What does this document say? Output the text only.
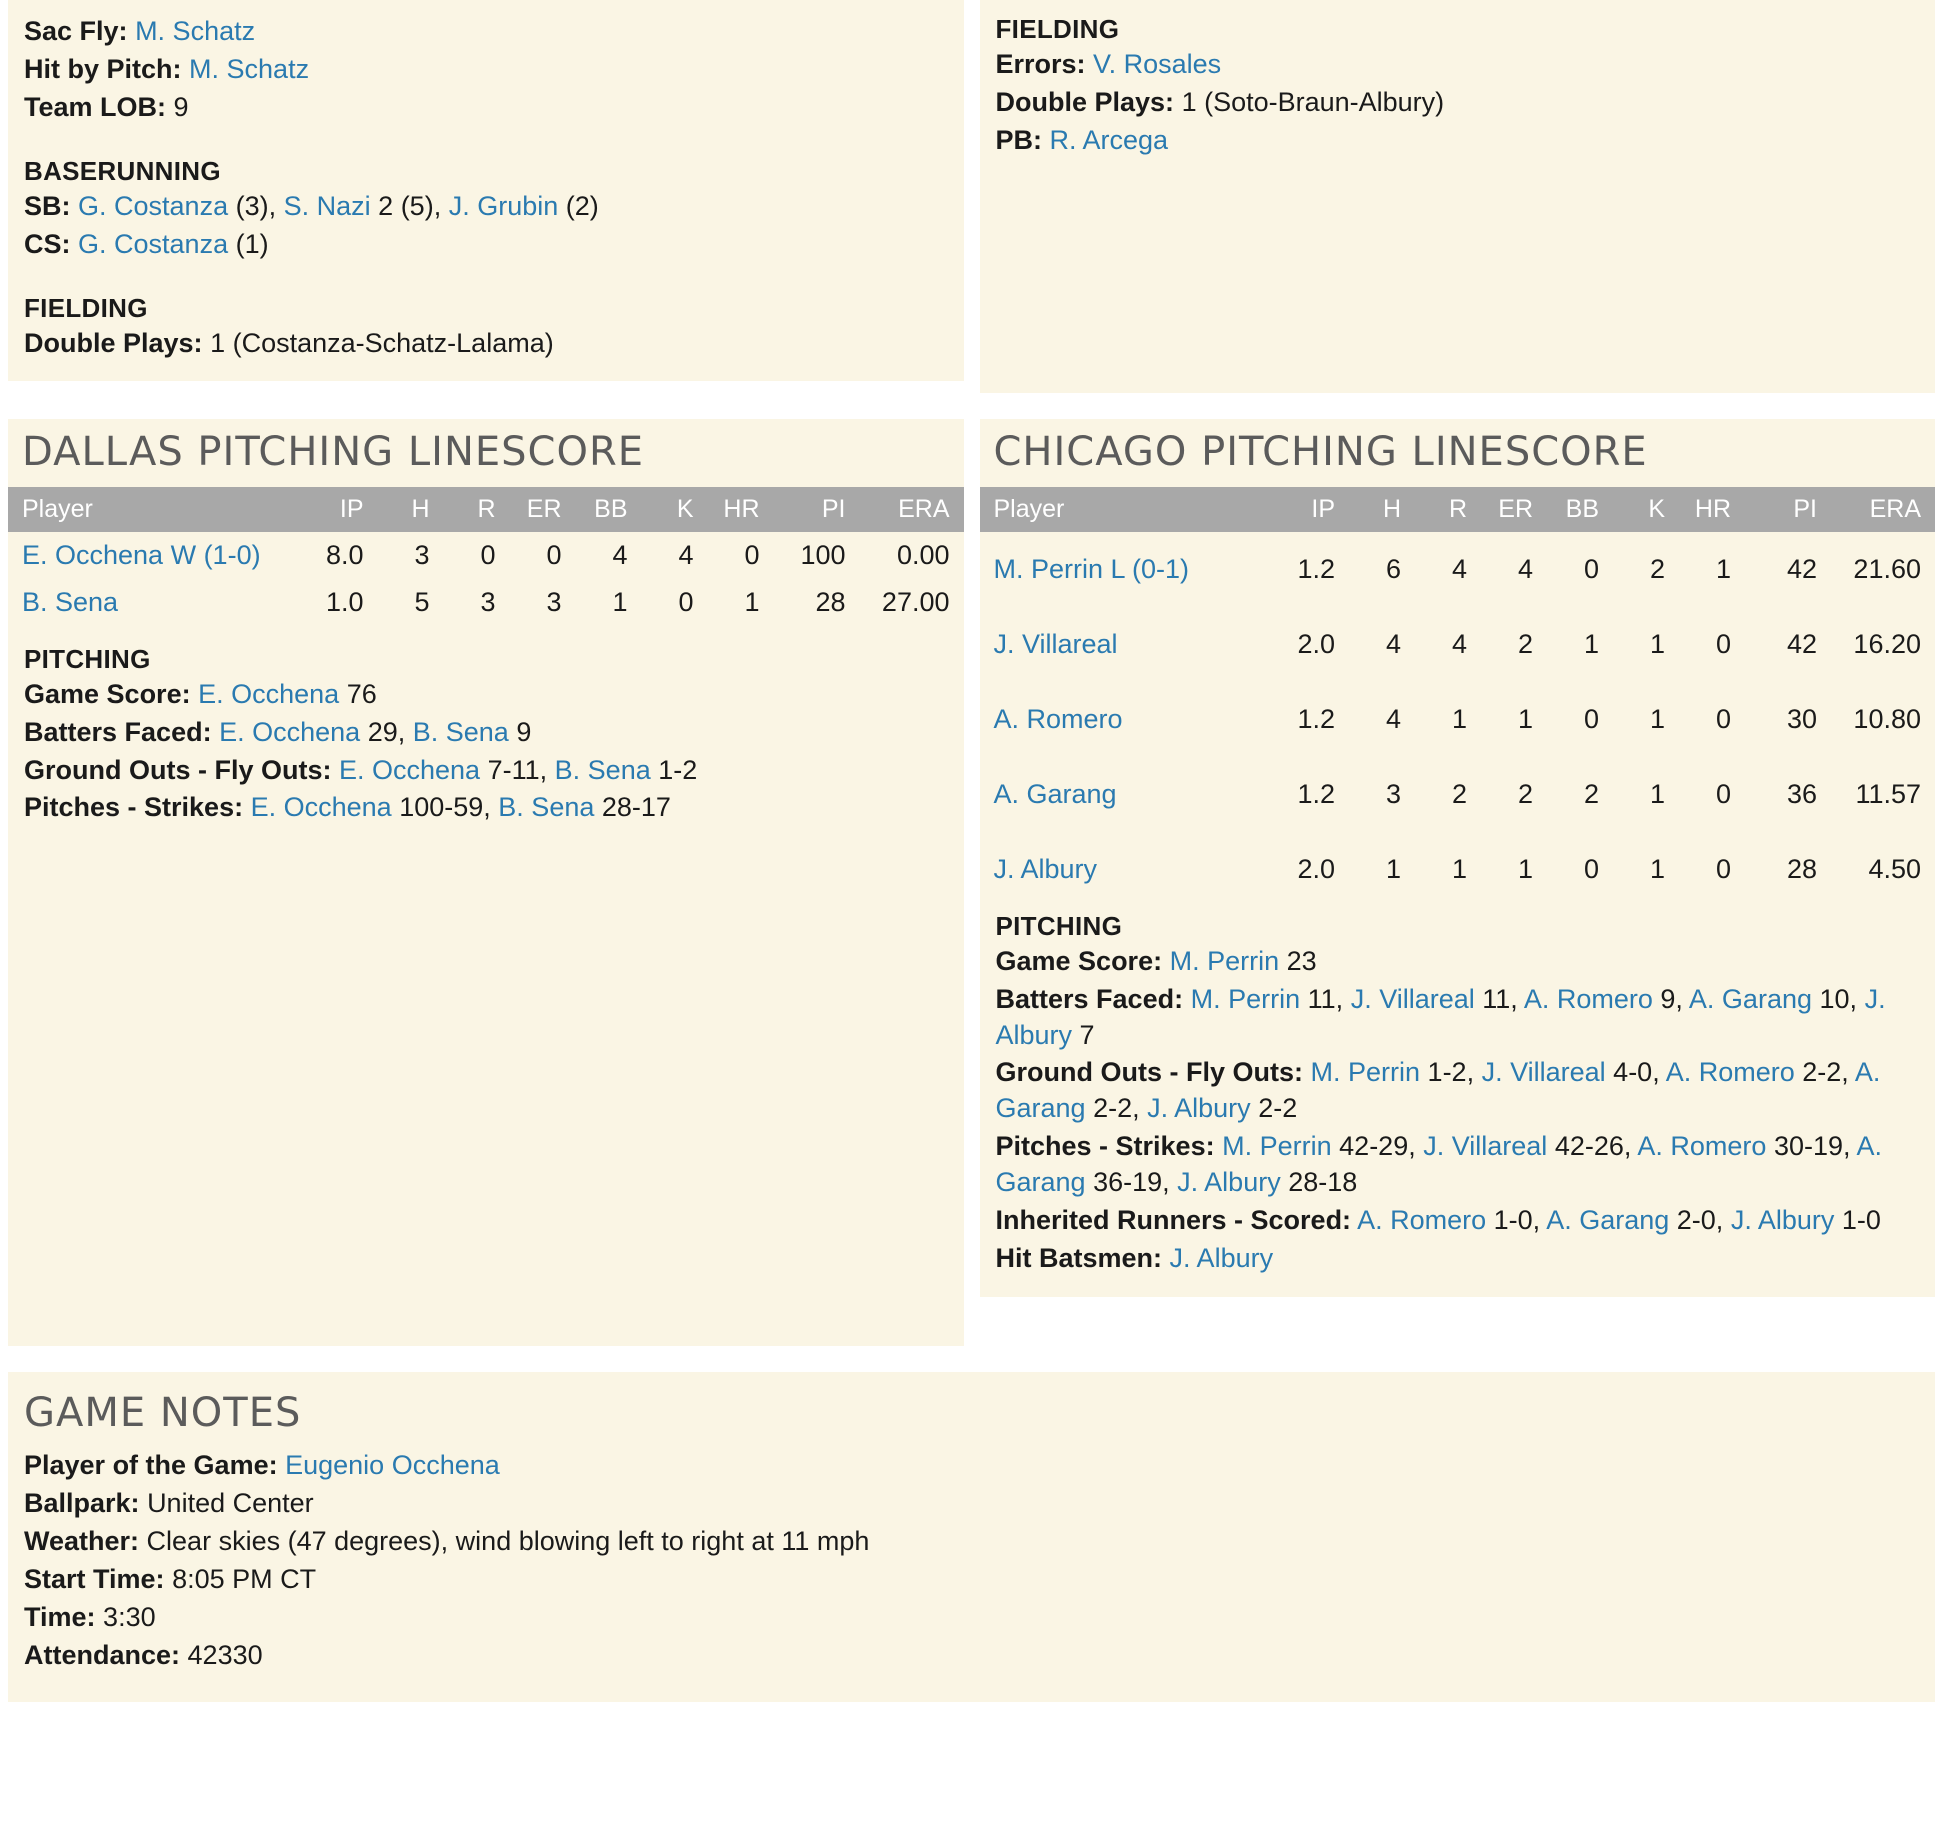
Sac Fly: M. Schatz
Hit by Pitch: M. Schatz
Team LOB: 9
BASERUNNING
SB: G. Costanza (3), S. Nazi 2 (5), J. Grubin (2)
CS: G. Costanza (1)
FIELDING
Double Plays: 1 (Costanza-Schatz-Lalama)
FIELDING
Errors: V. Rosales
Double Plays: 1 (Soto-Braun-Albury)
PB: R. Arcega
DALLAS PITCHING LINESCORE
Player	IP	H	R	ER	BB	K	HR	PI	ERA
E. Occhena W (1-0)	8.0	3	0	0	4	4	0	100	0.00
B. Sena	1.0	5	3	3	1	0	1	28	27.00
PITCHING
Game Score: E. Occhena 76
Batters Faced: E. Occhena 29, B. Sena 9
Ground Outs - Fly Outs: E. Occhena 7-11, B. Sena 1-2
Pitches - Strikes: E. Occhena 100-59, B. Sena 28-17
CHICAGO PITCHING LINESCORE
Player	IP	H	R	ER	BB	K	HR	PI	ERA
M. Perrin L (0-1)	1.2	6	4	4	0	2	1	42	21.60
J. Villareal	2.0	4	4	2	1	1	0	42	16.20
A. Romero	1.2	4	1	1	0	1	0	30	10.80
A. Garang	1.2	3	2	2	2	1	0	36	11.57
J. Albury	2.0	1	1	1	0	1	0	28	4.50
PITCHING
Game Score: M. Perrin 23
Batters Faced: M. Perrin 11, J. Villareal 11, A. Romero 9, A. Garang 10, J. Albury 7
Ground Outs - Fly Outs: M. Perrin 1-2, J. Villareal 4-0, A. Romero 2-2, A. Garang 2-2, J. Albury 2-2
Pitches - Strikes: M. Perrin 42-29, J. Villareal 42-26, A. Romero 30-19, A. Garang 36-19, J. Albury 28-18
Inherited Runners - Scored: A. Romero 1-0, A. Garang 2-0, J. Albury 1-0
Hit Batsmen: J. Albury
GAME NOTES
Player of the Game: Eugenio Occhena
Ballpark: United Center
Weather: Clear skies (47 degrees), wind blowing left to right at 11 mph
Start Time: 8:05 PM CT
Time: 3:30
Attendance: 42330
